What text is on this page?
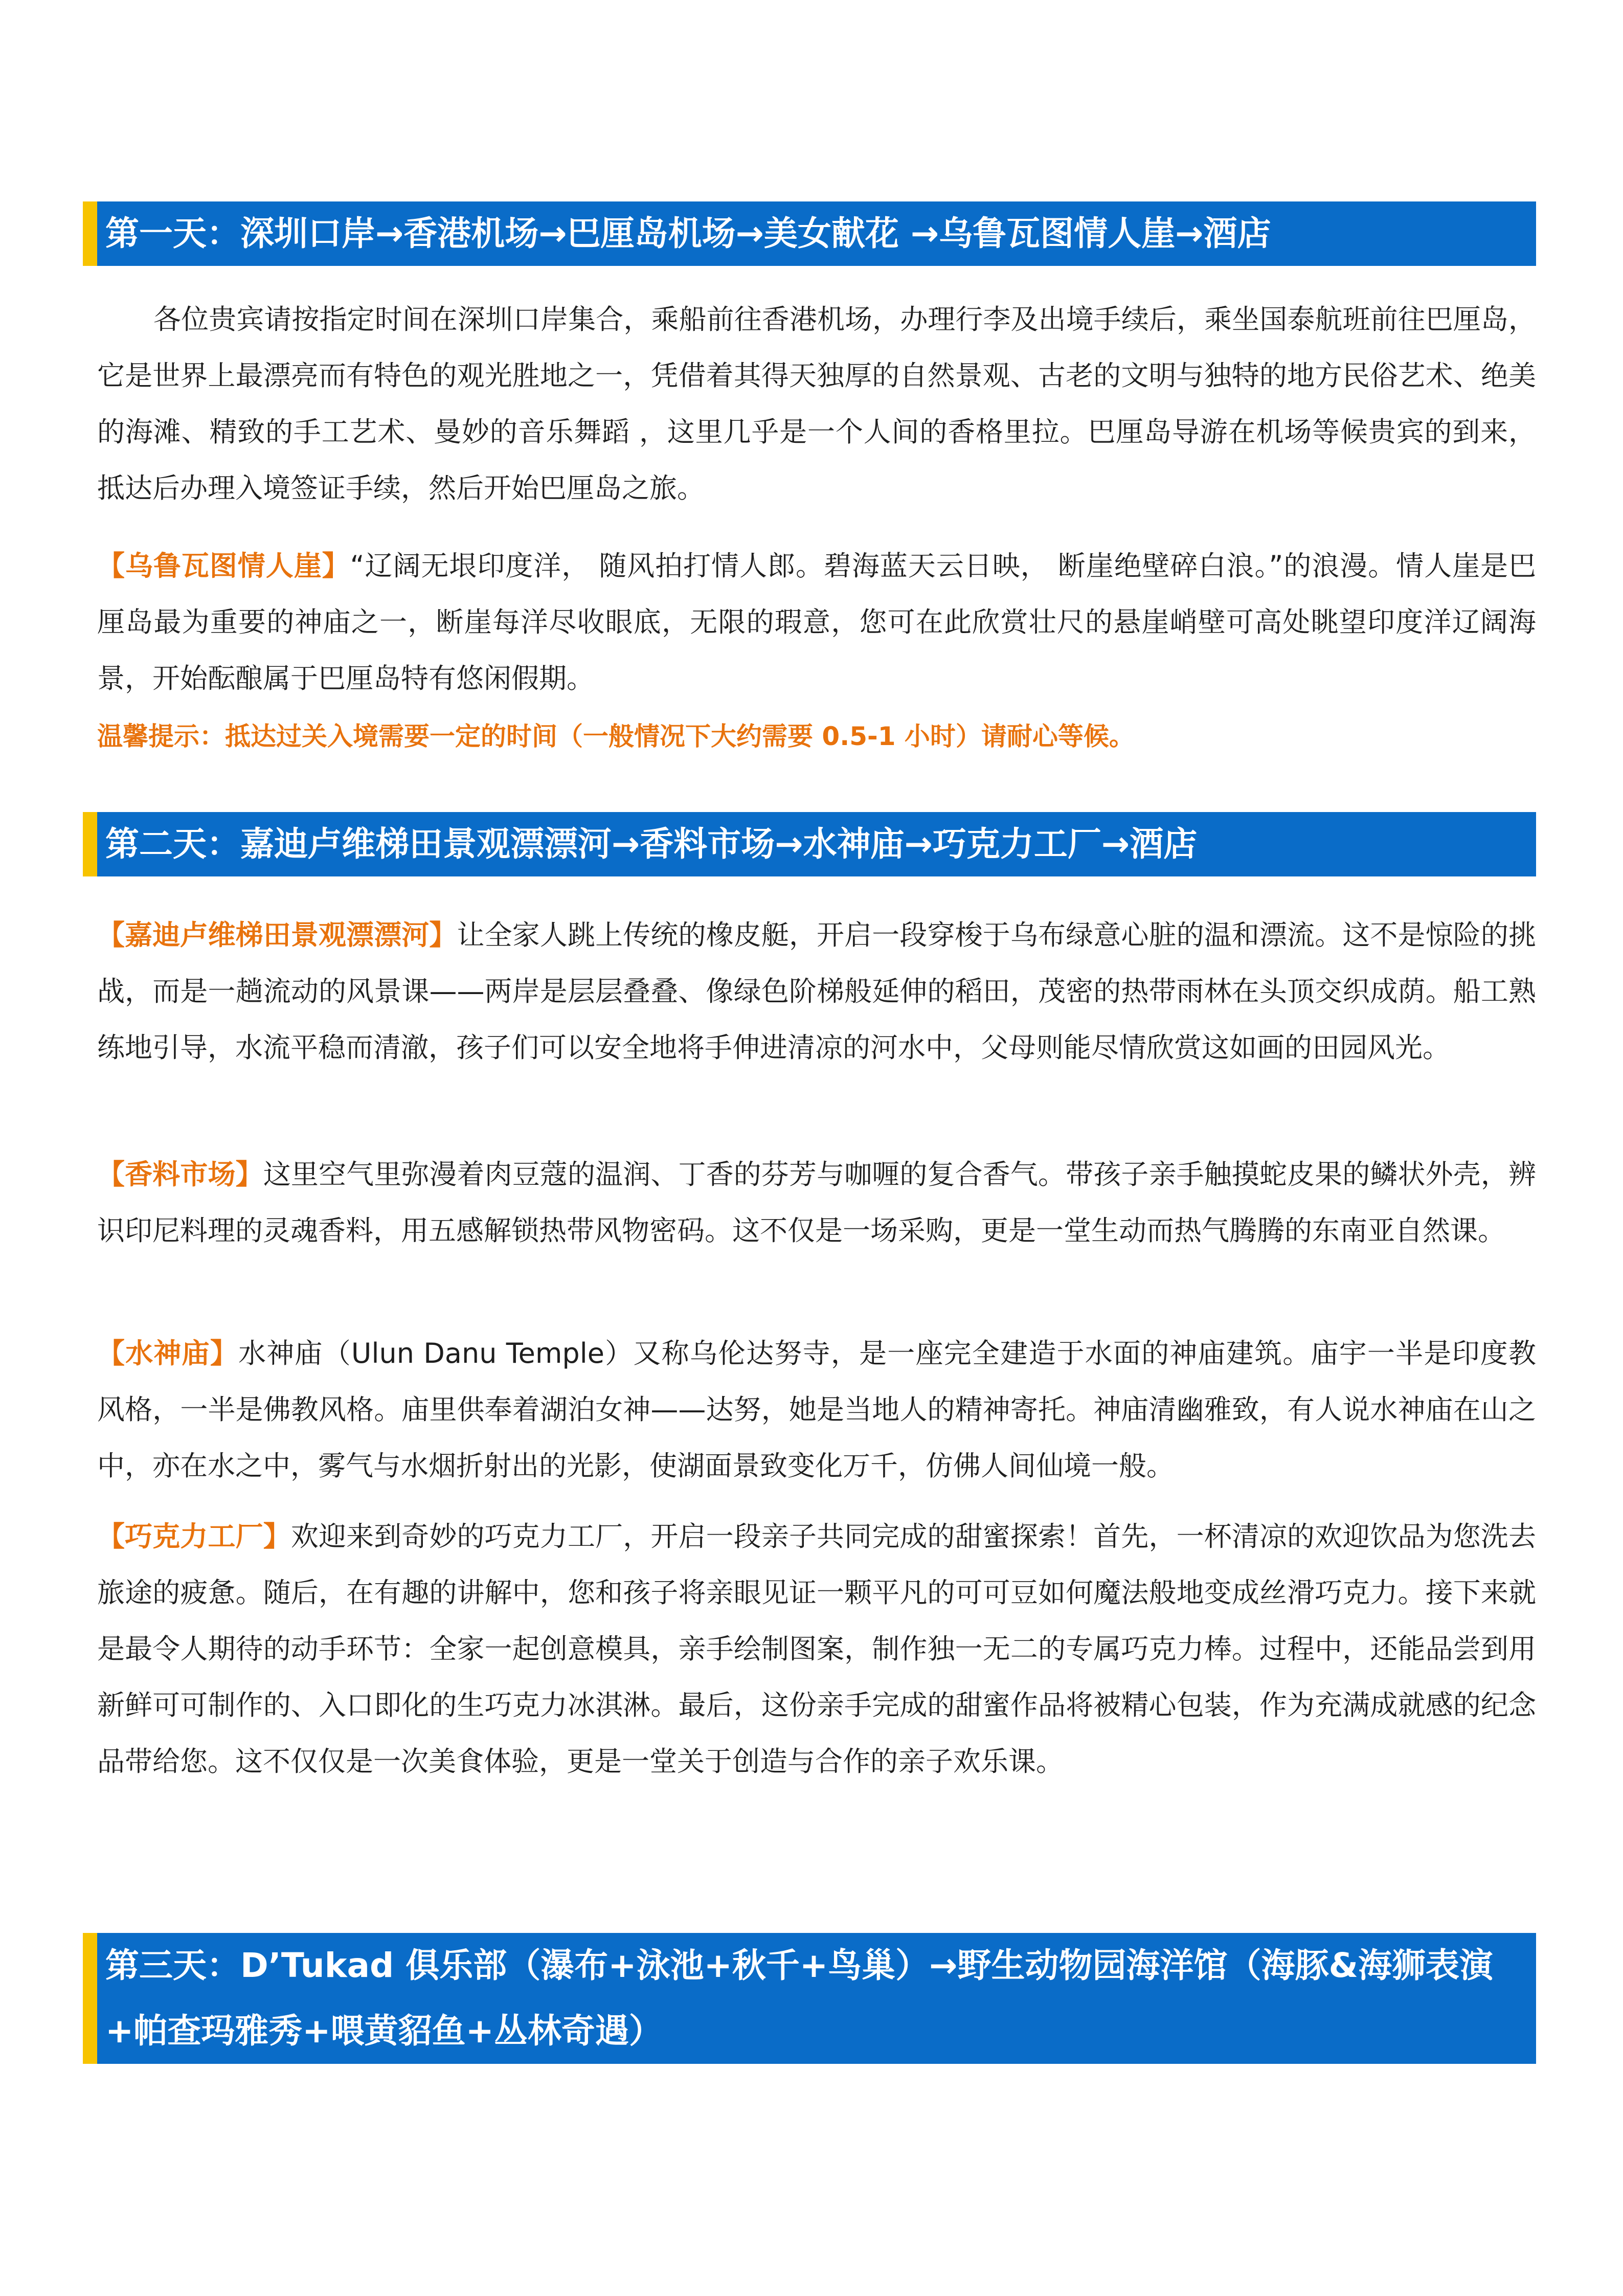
第一天：深圳口岸→香港机场→巴厘岛机场→美女献花 →乌鲁瓦图情人崖→酒店

各位贵宾请按指定时间在深圳口岸集合，乘船前往香港机场，办理行李及出境手续后，乘坐国泰航班前往巴厘岛，它是世界上最漂亮而有特色的观光胜地之一，凭借着其得天独厚的自然景观、古老的文明与独特的地方民俗艺术、绝美的海滩、精致的手工艺术、曼妙的音乐舞蹈 ，这里几乎是一个人间的香格里拉。巴厘岛导游在机场等候贵宾的到来，抵达后办理入境签证手续，然后开始巴厘岛之旅。

【乌鲁瓦图情人崖】“辽阔无垠印度洋， 随风拍打情人郎。碧海蓝天云日映， 断崖绝壁碎白浪。”的浪漫。情人崖是巴厘岛最为重要的神庙之一，断崖每洋尽收眼底，无限的瑕意，您可在此欣赏壮尺的悬崖峭壁可高处眺望印度洋辽阔海景，开始酝酿属于巴厘岛特有悠闲假期。

温馨提示：抵达过关入境需要一定的时间（一般情况下大约需要 0.5-1 小时）请耐心等候。

第二天：嘉迪卢维梯田景观漂漂河→香料市场→水神庙→巧克力工厂→酒店

【嘉迪卢维梯田景观漂漂河】让全家人跳上传统的橡皮艇，开启一段穿梭于乌布绿意心脏的温和漂流。这不是惊险的挑战，而是一趟流动的风景课——两岸是层层叠叠、像绿色阶梯般延伸的稻田，茂密的热带雨林在头顶交织成荫。船工熟练地引导，水流平稳而清澈，孩子们可以安全地将手伸进清凉的河水中，父母则能尽情欣赏这如画的田园风光。

【香料市场】这里空气里弥漫着肉豆蔻的温润、丁香的芬芳与咖喱的复合香气。带孩子亲手触摸蛇皮果的鳞状外壳，辨识印尼料理的灵魂香料，用五感解锁热带风物密码。这不仅是一场采购，更是一堂生动而热气腾腾的东南亚自然课。

【水神庙】水神庙（Ulun Danu Temple）又称乌伦达努寺，是一座完全建造于水面的神庙建筑。庙宇一半是印度教风格，一半是佛教风格。庙里供奉着湖泊女神——达努，她是当地人的精神寄托。神庙清幽雅致，有人说水神庙在山之中，亦在水之中，雾气与水烟折射出的光影，使湖面景致变化万千，仿佛人间仙境一般。

【巧克力工厂】欢迎来到奇妙的巧克力工厂，开启一段亲子共同完成的甜蜜探索！首先，一杯清凉的欢迎饮品为您洗去旅途的疲惫。随后，在有趣的讲解中，您和孩子将亲眼见证一颗平凡的可可豆如何魔法般地变成丝滑巧克力。接下来就是最令人期待的动手环节：全家一起创意模具，亲手绘制图案，制作独一无二的专属巧克力棒。过程中，还能品尝到用新鲜可可制作的、入口即化的生巧克力冰淇淋。最后，这份亲手完成的甜蜜作品将被精心包装，作为充满成就感的纪念品带给您。这不仅仅是一次美食体验，更是一堂关于创造与合作的亲子欢乐课。

第三天：D’Tukad 俱乐部（瀑布+泳池+秋千+鸟巢）→野生动物园海洋馆（海豚&海狮表演+帕查玛雅秀+喂黄貂鱼+丛林奇遇）
